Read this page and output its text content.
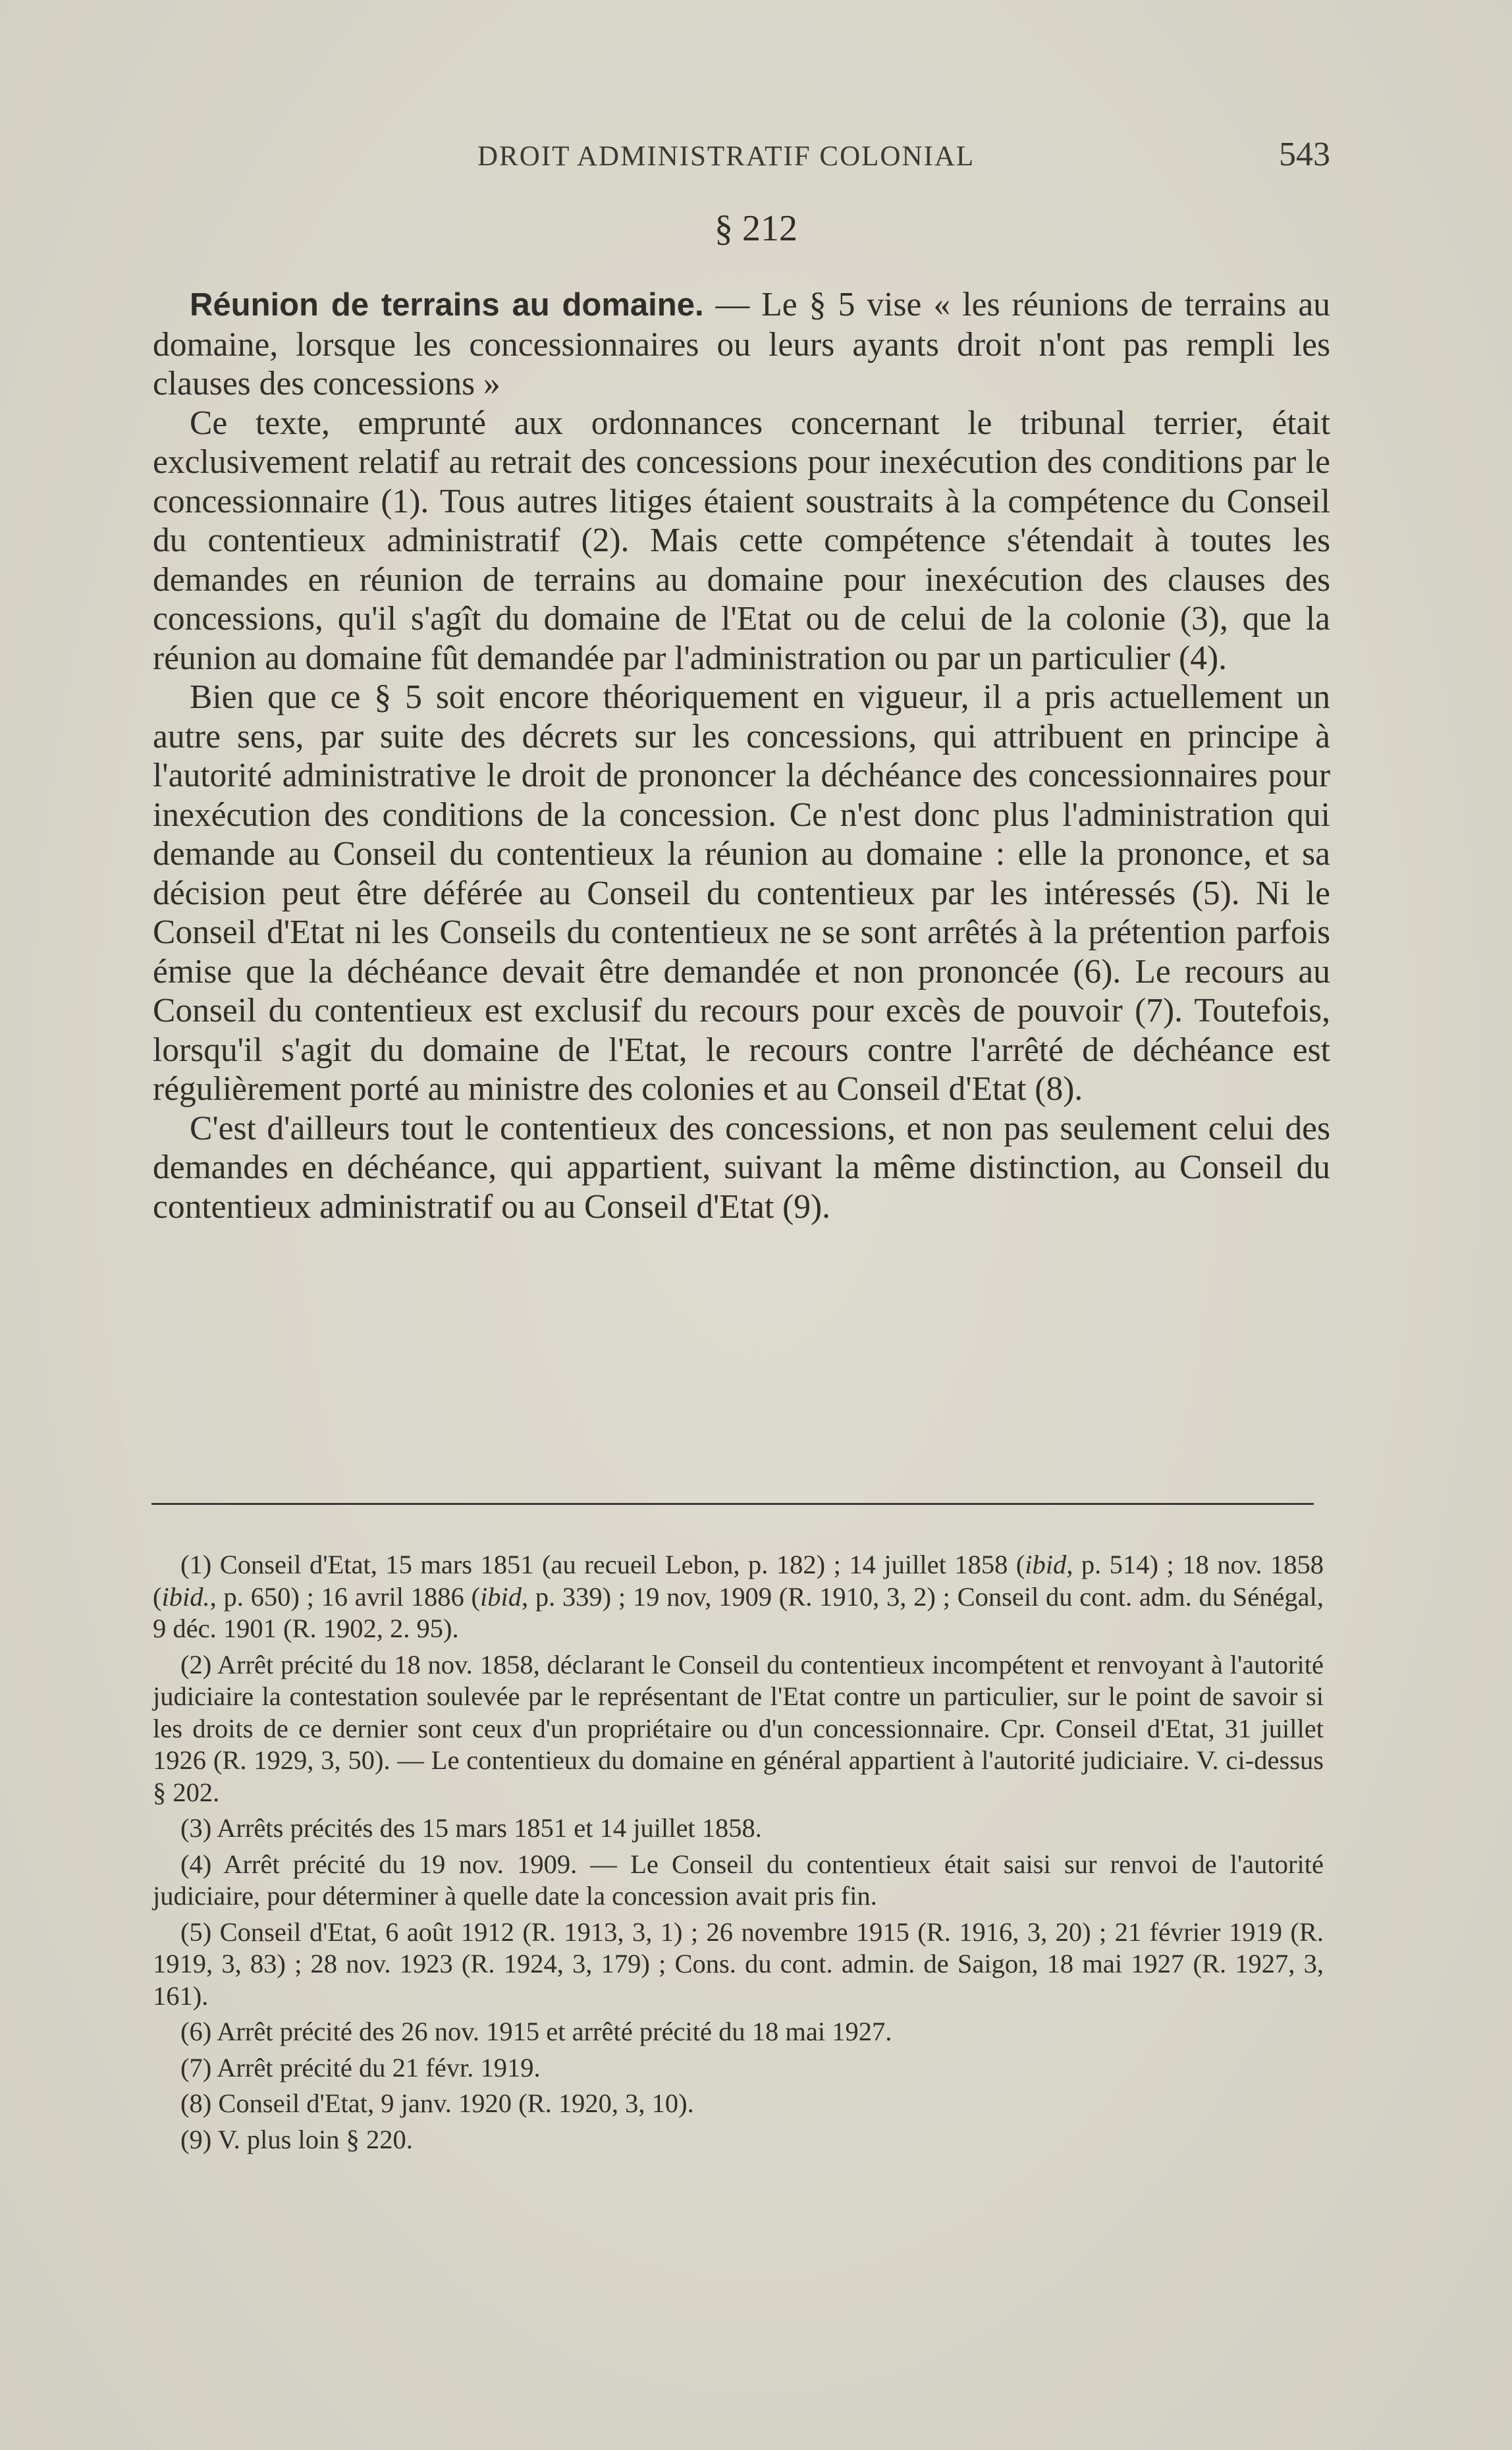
DROIT ADMINISTRATIF COLONIAL	543
§ 212

Réunion de terrains au domaine. — Le § 5 vise « les réunions de terrains au domaine, lorsque les concessionnaires ou leurs ayants droit n'ont pas rempli les clauses des concessions »

Ce texte, emprunté aux ordonnances concernant le tribunal terrier, était exclusivement relatif au retrait des concessions pour inexécution des conditions par le concessionnaire (1). Tous autres litiges étaient soustraits à la compétence du Conseil du contentieux administratif (2). Mais cette compétence s'étendait à toutes les demandes en réunion de terrains au domaine pour inexécution des clauses des concessions, qu'il s'agît du domaine de l'Etat ou de celui de la colonie (3), que la réunion au domaine fût demandée par l'administration ou par un particulier (4).

Bien que ce § 5 soit encore théoriquement en vigueur, il a pris actuellement un autre sens, par suite des décrets sur les concessions, qui attribuent en principe à l'autorité administrative le droit de prononcer la déchéance des concessionnaires pour inexécution des conditions de la concession. Ce n'est donc plus l'administration qui demande au Conseil du contentieux la réunion au domaine : elle la prononce, et sa décision peut être déférée au Conseil du contentieux par les intéressés (5). Ni le Conseil d'Etat ni les Conseils du contentieux ne se sont arrêtés à la prétention parfois émise que la déchéance devait être demandée et non prononcée (6). Le recours au Conseil du contentieux est exclusif du recours pour excès de pouvoir (7). Toutefois, lorsqu'il s'agit du domaine de l'Etat, le recours contre l'arrêté de déchéance est régulièrement porté au ministre des colonies et au Conseil d'Etat (8).

C'est d'ailleurs tout le contentieux des concessions, et non pas seulement celui des demandes en déchéance, qui appartient, suivant la même distinction, au Conseil du contentieux administratif ou au Conseil d'Etat (9).

(1) Conseil d'Etat, 15 mars 1851 (au recueil Lebon, p. 182) ; 14 juillet 1858 (ibid, p. 514) ; 18 nov. 1858 (ibid., p. 650) ; 16 avril 1886 (ibid, p. 339) ; 19 nov, 1909 (R. 1910, 3, 2) ; Conseil du cont. adm. du Sénégal, 9 déc. 1901 (R. 1902, 2. 95).

(2) Arrêt précité du 18 nov. 1858, déclarant le Conseil du contentieux incompétent et renvoyant à l'autorité judiciaire la contestation soulevée par le représentant de l'Etat contre un particulier, sur le point de savoir si les droits de ce dernier sont ceux d'un propriétaire ou d'un concessionnaire. Cpr. Conseil d'Etat, 31 juillet 1926 (R. 1929, 3, 50). — Le contentieux du domaine en général appartient à l'autorité judiciaire. V. ci-dessus § 202.

(3) Arrêts précités des 15 mars 1851 et 14 juillet 1858.

(4) Arrêt précité du 19 nov. 1909. — Le Conseil du contentieux était saisi sur renvoi de l'autorité judiciaire, pour déterminer à quelle date la concession avait pris fin.

(5) Conseil d'Etat, 6 août 1912 (R. 1913, 3, 1) ; 26 novembre 1915 (R. 1916, 3, 20) ; 21 février 1919 (R. 1919, 3, 83) ; 28 nov. 1923 (R. 1924, 3, 179) ; Cons. du cont. admin. de Saigon, 18 mai 1927 (R. 1927, 3, 161).

(6) Arrêt précité des 26 nov. 1915 et arrêté précité du 18 mai 1927.

(7) Arrêt précité du 21 févr. 1919.

(8) Conseil d'Etat, 9 janv. 1920 (R. 1920, 3, 10).

(9) V. plus loin § 220.
